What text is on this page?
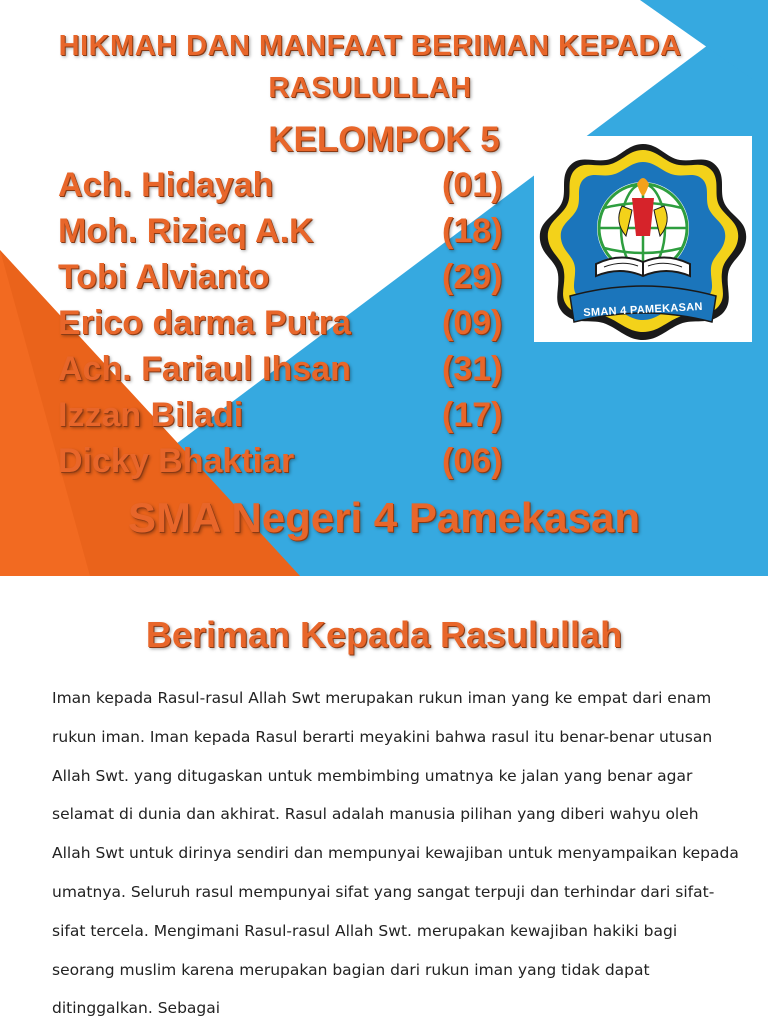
HIKMAH DAN MANFAAT BERIMAN KEPADA
RASULULLAH
KELOMPOK 5
Ach. Hidayah	(01)
Moh. Rizieq A.K	(18)
Tobi Alvianto	(29)
Erico darma Putra	(09)
Ach. Fariaul Ihsan	(31)
Izzan Biladi	(17)
Dicky Bhaktiar	(06)
SMAN 4 PAMEKASAN
SMA Negeri 4 Pamekasan
Beriman Kepada Rasulullah
Iman kepada Rasul-rasul Allah Swt merupakan rukun iman yang ke empat dari enam rukun iman. Iman kepada Rasul berarti meyakini bahwa rasul itu benar-benar utusan Allah Swt. yang ditugaskan untuk membimbing umatnya ke jalan yang benar agar selamat di dunia dan akhirat. Rasul adalah manusia pilihan yang diberi wahyu oleh Allah Swt untuk dirinya sendiri dan mempunyai kewajiban untuk menyampaikan kepada umatnya. Seluruh rasul mempunyai sifat yang sangat terpuji dan terhindar dari sifat-sifat tercela. Mengimani Rasul-rasul Allah Swt. merupakan kewajiban hakiki bagi seorang muslim karena merupakan bagian dari rukun iman yang tidak dapat ditinggalkan. Sebagai
